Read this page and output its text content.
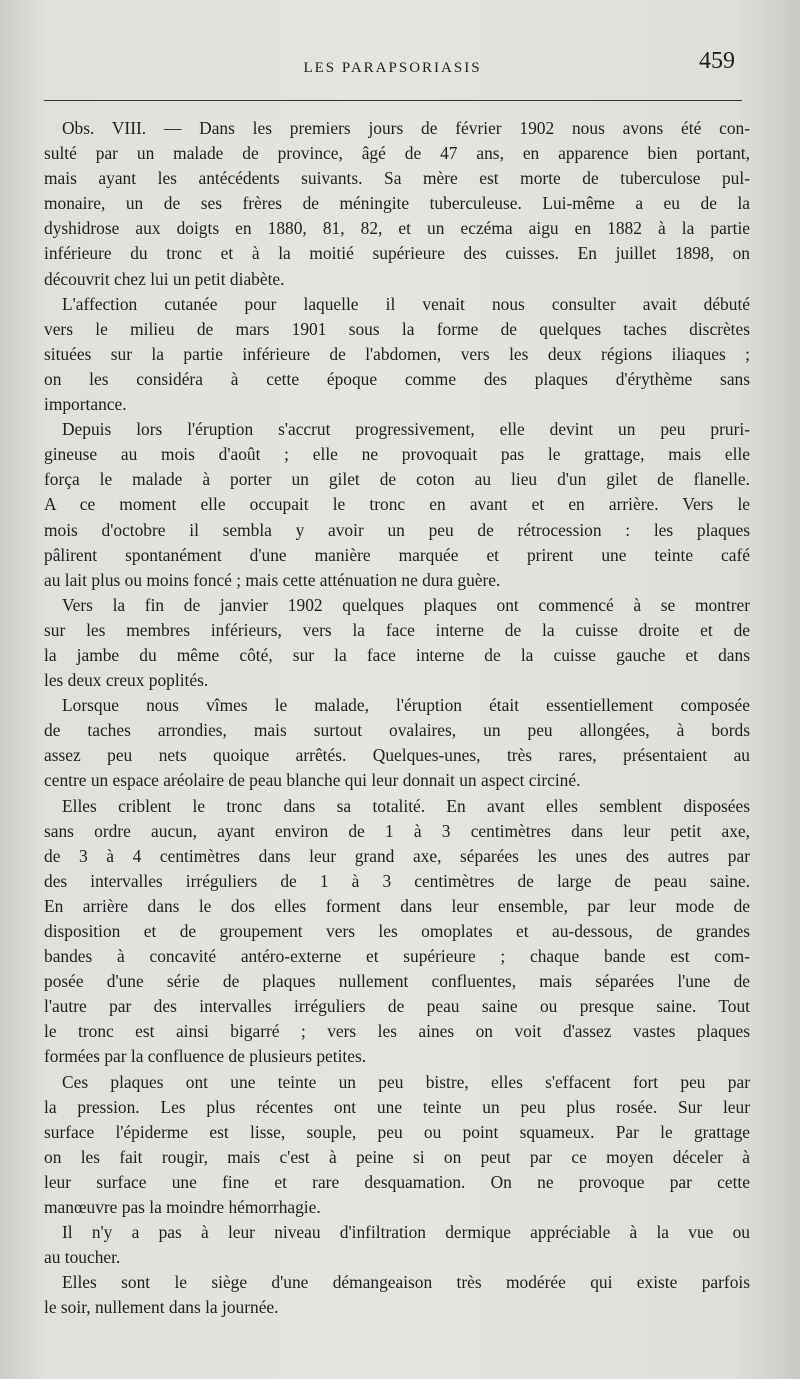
LES PARAPSORIASIS	459

Obs. VIII. — Dans les premiers jours de février 1902 nous avons été con-
sulté par un malade de province, âgé de 47 ans, en apparence bien portant,
mais ayant les antécédents suivants. Sa mère est morte de tuberculose pul-
monaire, un de ses frères de méningite tuberculeuse. Lui-même a eu de la
dyshidrose aux doigts en 1880, 81, 82, et un eczéma aigu en 1882 à la partie
inférieure du tronc et à la moitié supérieure des cuisses. En juillet 1898, on
découvrit chez lui un petit diabète.

L'affection cutanée pour laquelle il venait nous consulter avait débuté
vers le milieu de mars 1901 sous la forme de quelques taches discrètes
situées sur la partie inférieure de l'abdomen, vers les deux régions iliaques ;
on les considéra à cette époque comme des plaques d'érythème sans
importance.

Depuis lors l'éruption s'accrut progressivement, elle devint un peu pruri-
gineuse au mois d'août ; elle ne provoquait pas le grattage, mais elle
força le malade à porter un gilet de coton au lieu d'un gilet de flanelle.
A ce moment elle occupait le tronc en avant et en arrière. Vers le
mois d'octobre il sembla y avoir un peu de rétrocession : les plaques
pâlirent spontanément d'une manière marquée et prirent une teinte café
au lait plus ou moins foncé ; mais cette atténuation ne dura guère.

Vers la fin de janvier 1902 quelques plaques ont commencé à se montrer
sur les membres inférieurs, vers la face interne de la cuisse droite et de
la jambe du même côté, sur la face interne de la cuisse gauche et dans
les deux creux poplités.

Lorsque nous vîmes le malade, l'éruption était essentiellement composée
de taches arrondies, mais surtout ovalaires, un peu allongées, à bords
assez peu nets quoique arrêtés. Quelques-unes, très rares, présentaient au
centre un espace aréolaire de peau blanche qui leur donnait un aspect circiné.

Elles criblent le tronc dans sa totalité. En avant elles semblent disposées
sans ordre aucun, ayant environ de 1 à 3 centimètres dans leur petit axe,
de 3 à 4 centimètres dans leur grand axe, séparées les unes des autres par
des intervalles irréguliers de 1 à 3 centimètres de large de peau saine.
En arrière dans le dos elles forment dans leur ensemble, par leur mode de
disposition et de groupement vers les omoplates et au-dessous, de grandes
bandes à concavité antéro-externe et supérieure ; chaque bande est com-
posée d'une série de plaques nullement confluentes, mais séparées l'une de
l'autre par des intervalles irréguliers de peau saine ou presque saine. Tout
le tronc est ainsi bigarré ; vers les aines on voit d'assez vastes plaques
formées par la confluence de plusieurs petites.

Ces plaques ont une teinte un peu bistre, elles s'effacent fort peu par
la pression. Les plus récentes ont une teinte un peu plus rosée. Sur leur
surface l'épiderme est lisse, souple, peu ou point squameux. Par le grattage
on les fait rougir, mais c'est à peine si on peut par ce moyen déceler à
leur surface une fine et rare desquamation. On ne provoque par cette
manœuvre pas la moindre hémorrhagie.

Il n'y a pas à leur niveau d'infiltration dermique appréciable à la vue ou
au toucher.

Elles sont le siège d'une démangeaison très modérée qui existe parfois
le soir, nullement dans la journée.
